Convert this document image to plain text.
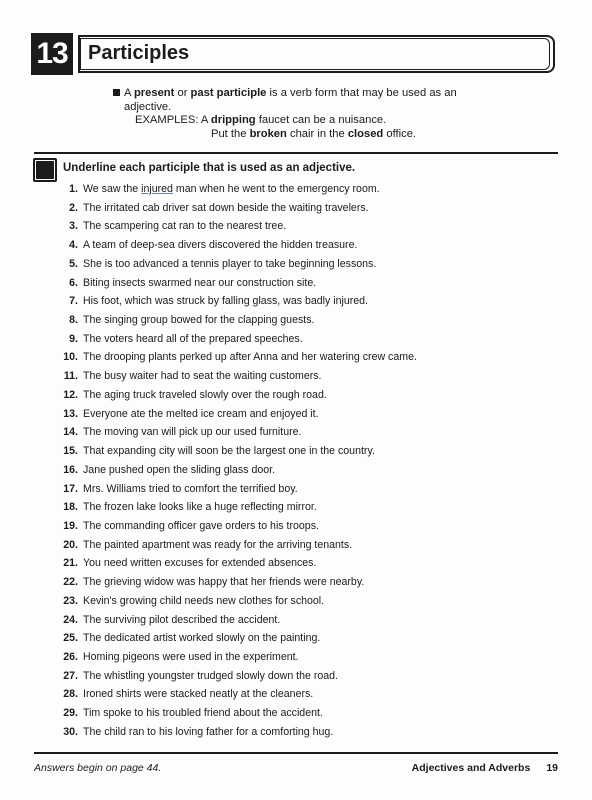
13 Participles
A present or past participle is a verb form that may be used as an
adjective.
EXAMPLES: A dripping faucet can be a nuisance.
Put the broken chair in the closed office.
Underline each participle that is used as an adjective.
1. We saw the injured man when he went to the emergency room.
2. The irritated cab driver sat down beside the waiting travelers.
3. The scampering cat ran to the nearest tree.
4. A team of deep-sea divers discovered the hidden treasure.
5. She is too advanced a tennis player to take beginning lessons.
6. Biting insects swarmed near our construction site.
7. His foot, which was struck by falling glass, was badly injured.
8. The singing group bowed for the clapping guests.
9. The voters heard all of the prepared speeches.
10. The drooping plants perked up after Anna and her watering crew came.
11. The busy waiter had to seat the waiting customers.
12. The aging truck traveled slowly over the rough road.
13. Everyone ate the melted ice cream and enjoyed it.
14. The moving van will pick up our used furniture.
15. That expanding city will soon be the largest one in the country.
16. Jane pushed open the sliding glass door.
17. Mrs. Williams tried to comfort the terrified boy.
18. The frozen lake looks like a huge reflecting mirror.
19. The commanding officer gave orders to his troops.
20. The painted apartment was ready for the arriving tenants.
21. You need written excuses for extended absences.
22. The grieving widow was happy that her friends were nearby.
23. Kevin's growing child needs new clothes for school.
24. The surviving pilot described the accident.
25. The dedicated artist worked slowly on the painting.
26. Homing pigeons were used in the experiment.
27. The whistling youngster trudged slowly down the road.
28. Ironed shirts were stacked neatly at the cleaners.
29. Tim spoke to his troubled friend about the accident.
30. The child ran to his loving father for a comforting hug.
Answers begin on page 44.	Adjectives and Adverbs 19
